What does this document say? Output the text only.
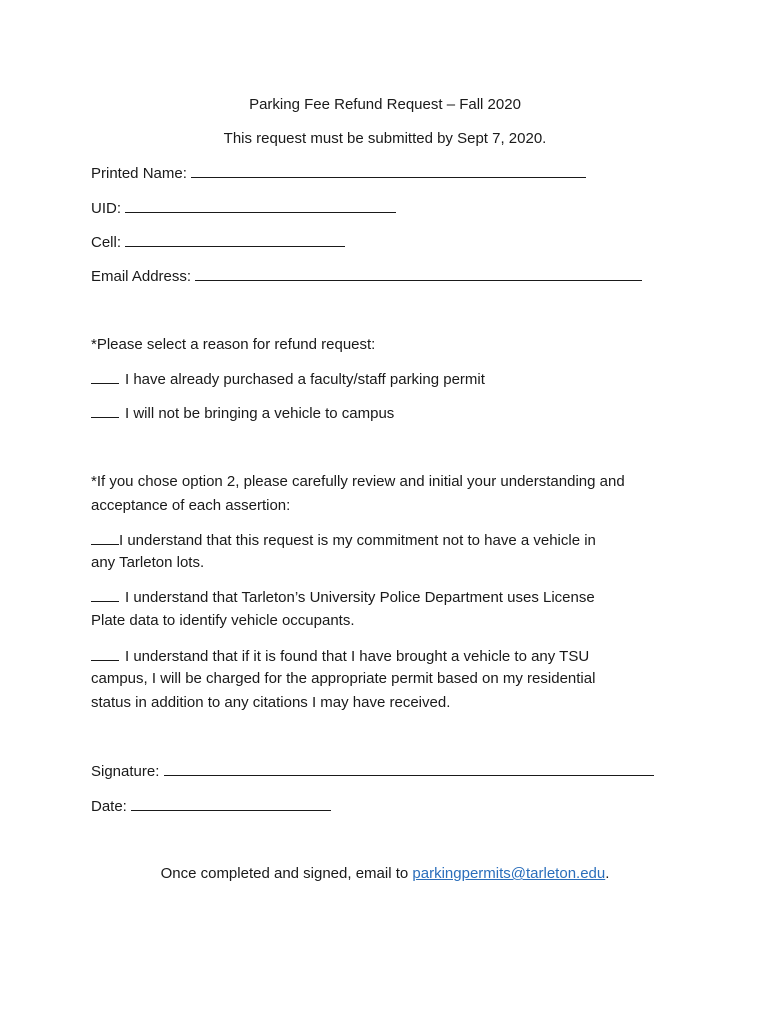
Parking Fee Refund Request – Fall 2020
This request must be submitted by Sept 7, 2020.
Printed Name:
UID:
Cell:
Email Address:
*Please select a reason for refund request:
I have already purchased a faculty/staff parking permit
I will not be bringing a vehicle to campus
*If you chose option 2, please carefully review and initial your understanding and
acceptance of each assertion:
I understand that this request is my commitment not to have a vehicle in
any Tarleton lots.
I understand that Tarleton’s University Police Department uses License
Plate data to identify vehicle occupants.
I understand that if it is found that I have brought a vehicle to any TSU
campus, I will be charged for the appropriate permit based on my residential
status in addition to any citations I may have received.
Signature:
Date:
Once completed and signed, email to parkingpermits@tarleton.edu.
